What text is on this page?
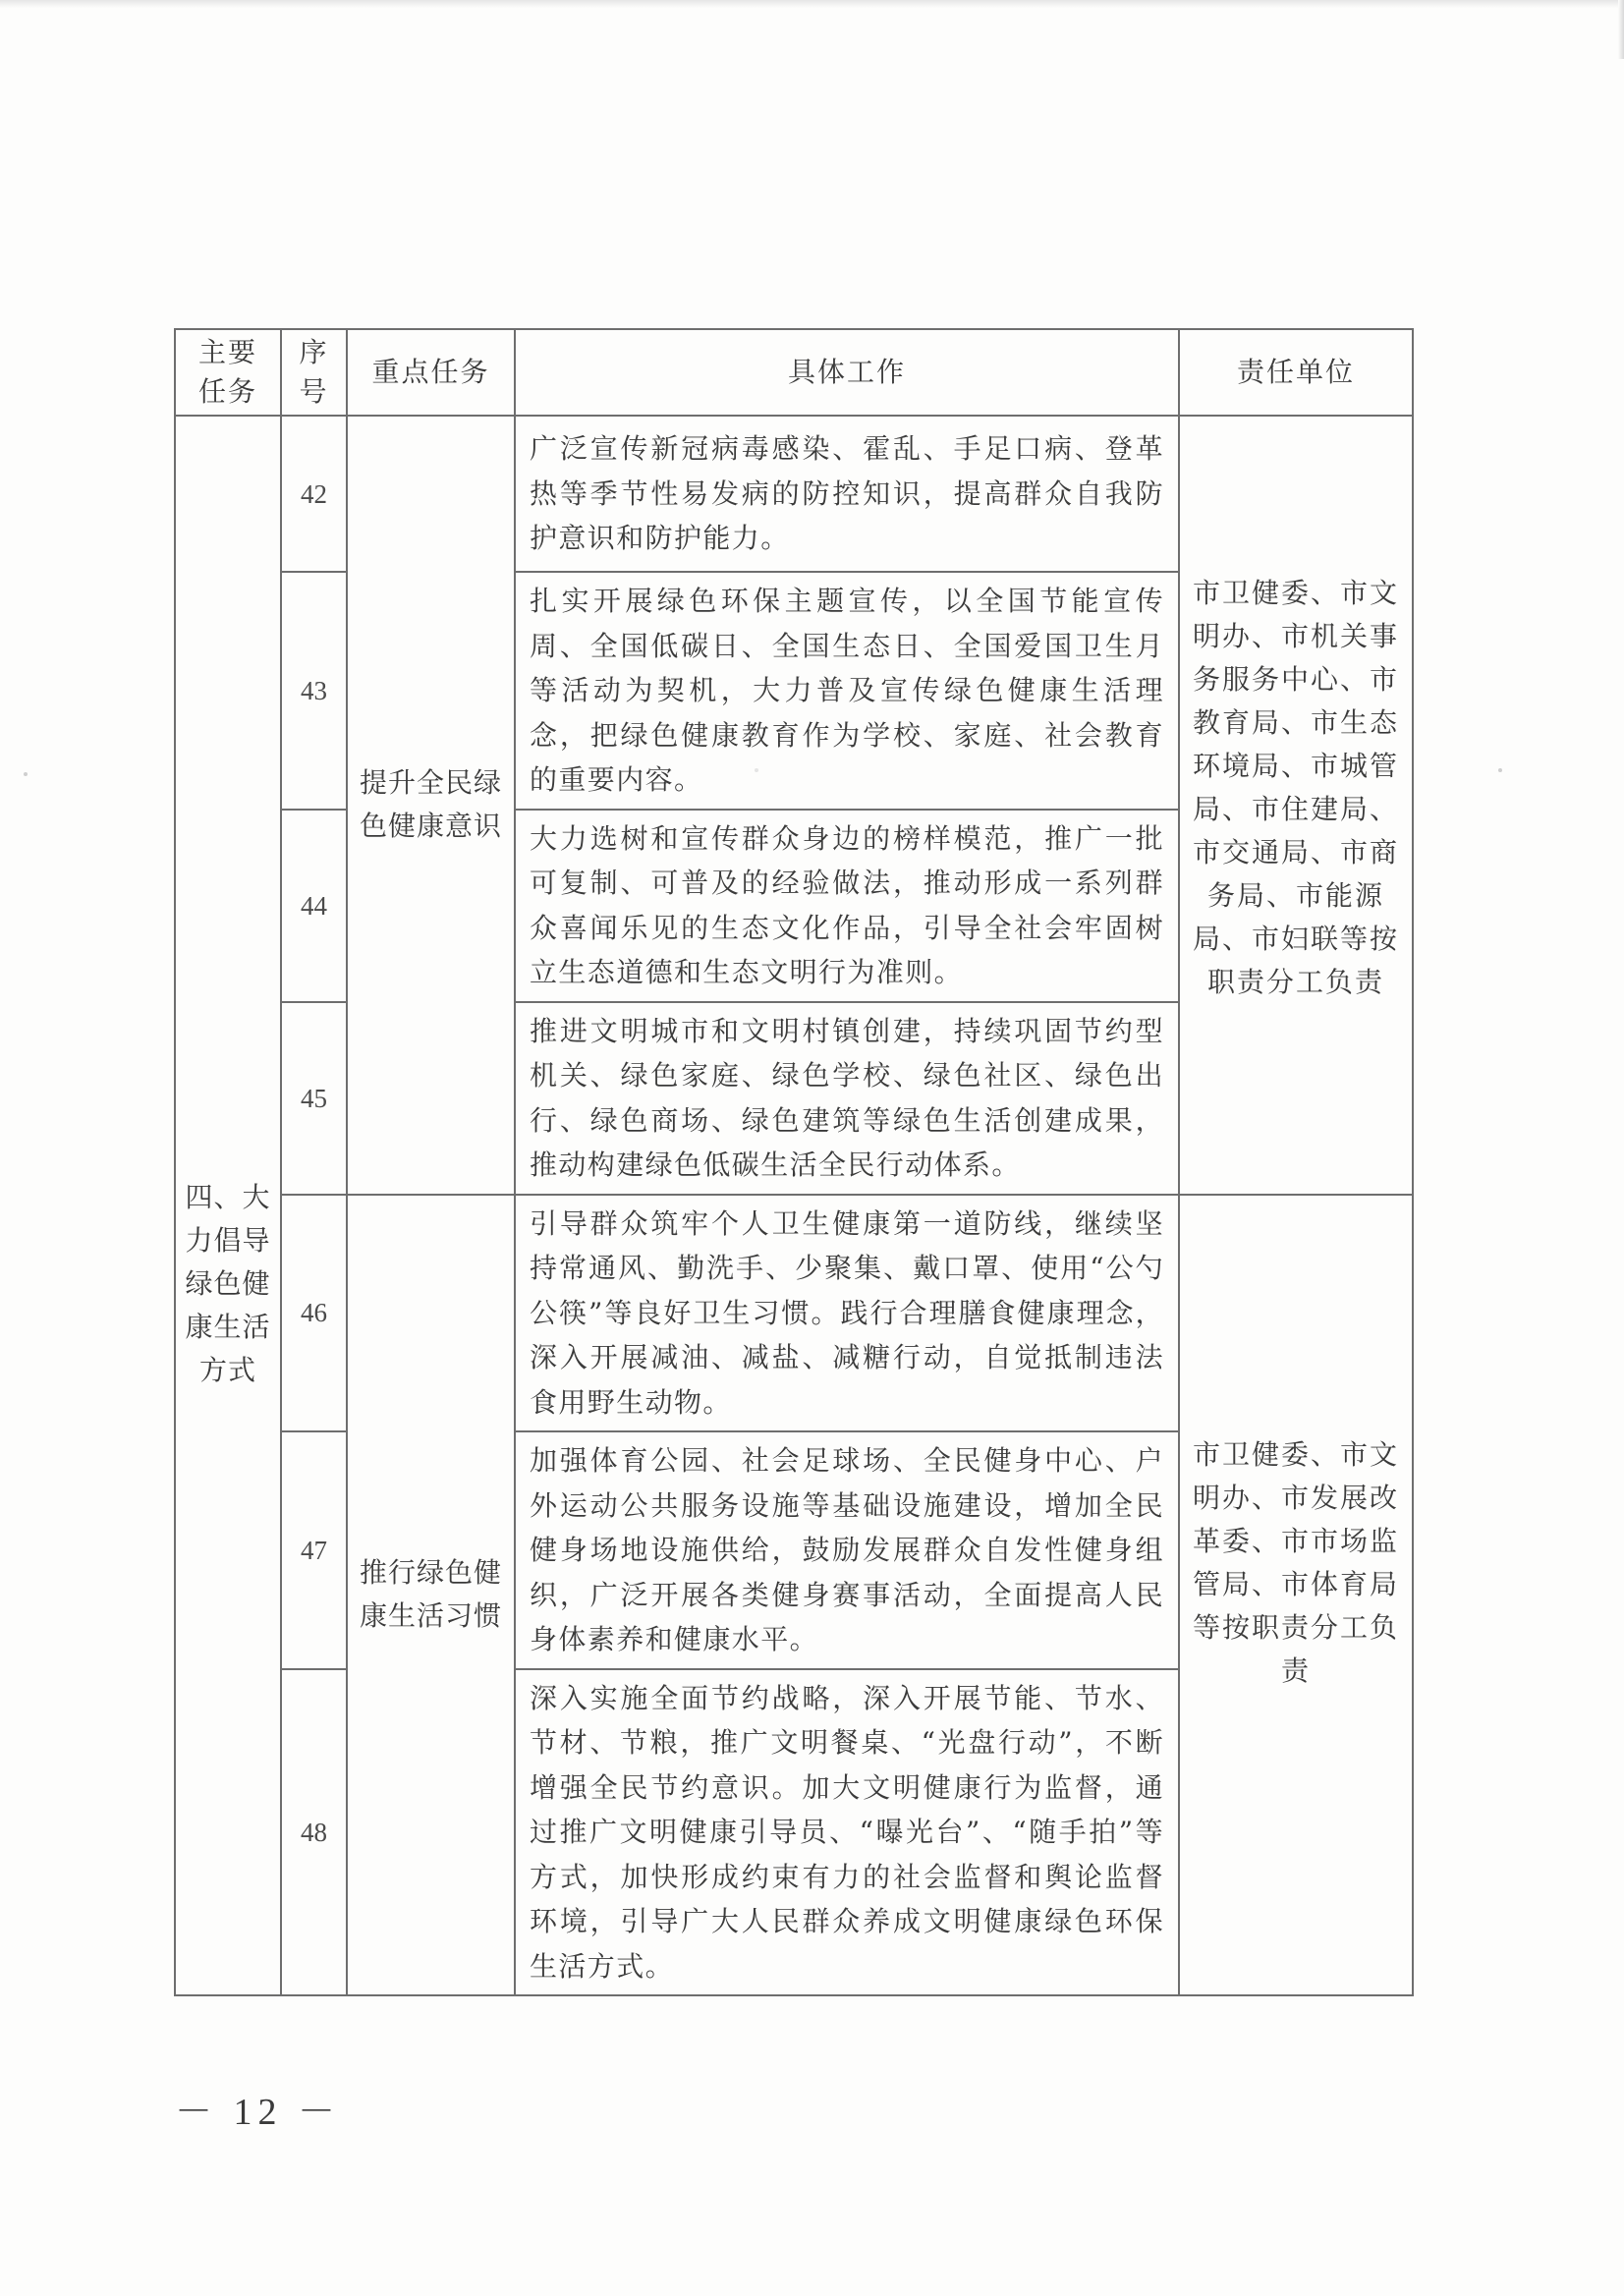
主要任务	序号	重点任务	具体工作	责任单位

四、大力倡导绿色健康生活方式	42	提升全民绿色健康意识	广泛宣传新冠病毒感染、霍乱、手足口病、登革热等季节性易发病的防控知识，提高群众自我防护意识和防护能力。	市卫健委、市文明办、市机关事务服务中心、市教育局、市生态环境局、市城管局、市住建局、市交通局、市商务局、市能源局、市妇联等按职责分工负责

	43		扎实开展绿色环保主题宣传，以全国节能宣传周、全国低碳日、全国生态日、全国爱国卫生月等活动为契机，大力普及宣传绿色健康生活理念，把绿色健康教育作为学校、家庭、社会教育的重要内容。	
	44		大力选树和宣传群众身边的榜样模范，推广一批可复制、可普及的经验做法，推动形成一系列群众喜闻乐见的生态文化作品，引导全社会牢固树立生态道德和生态文明行为准则。	
	45		推进文明城市和文明村镇创建，持续巩固节约型机关、绿色家庭、绿色学校、绿色社区、绿色出行、绿色商场、绿色建筑等绿色生活创建成果，推动构建绿色低碳生活全民行动体系。	
	46	推行绿色健康生活习惯	引导群众筑牢个人卫生健康第一道防线，继续坚持常通风、勤洗手、少聚集、戴口罩、使用“公勺公筷”等良好卫生习惯。践行合理膳食健康理念，深入开展减油、减盐、减糖行动，自觉抵制违法食用野生动物。	市卫健委、市文明办、市发展改革委、市市场监管局、市体育局等按职责分工负责

	47		加强体育公园、社会足球场、全民健身中心、户外运动公共服务设施等基础设施建设，增加全民健身场地设施供给，鼓励发展群众自发性健身组织，广泛开展各类健身赛事活动，全面提高人民身体素养和健康水平。	
	48		深入实施全面节约战略，深入开展节能、节水、节材、节粮，推广文明餐桌、“光盘行动”，不断增强全民节约意识。加大文明健康行为监督，通过推广文明健康引导员、“曝光台”、“随手拍”等方式，加快形成约束有力的社会监督和舆论监督环境，引导广大人民群众养成文明健康绿色环保生活方式。	
－ 12 －
